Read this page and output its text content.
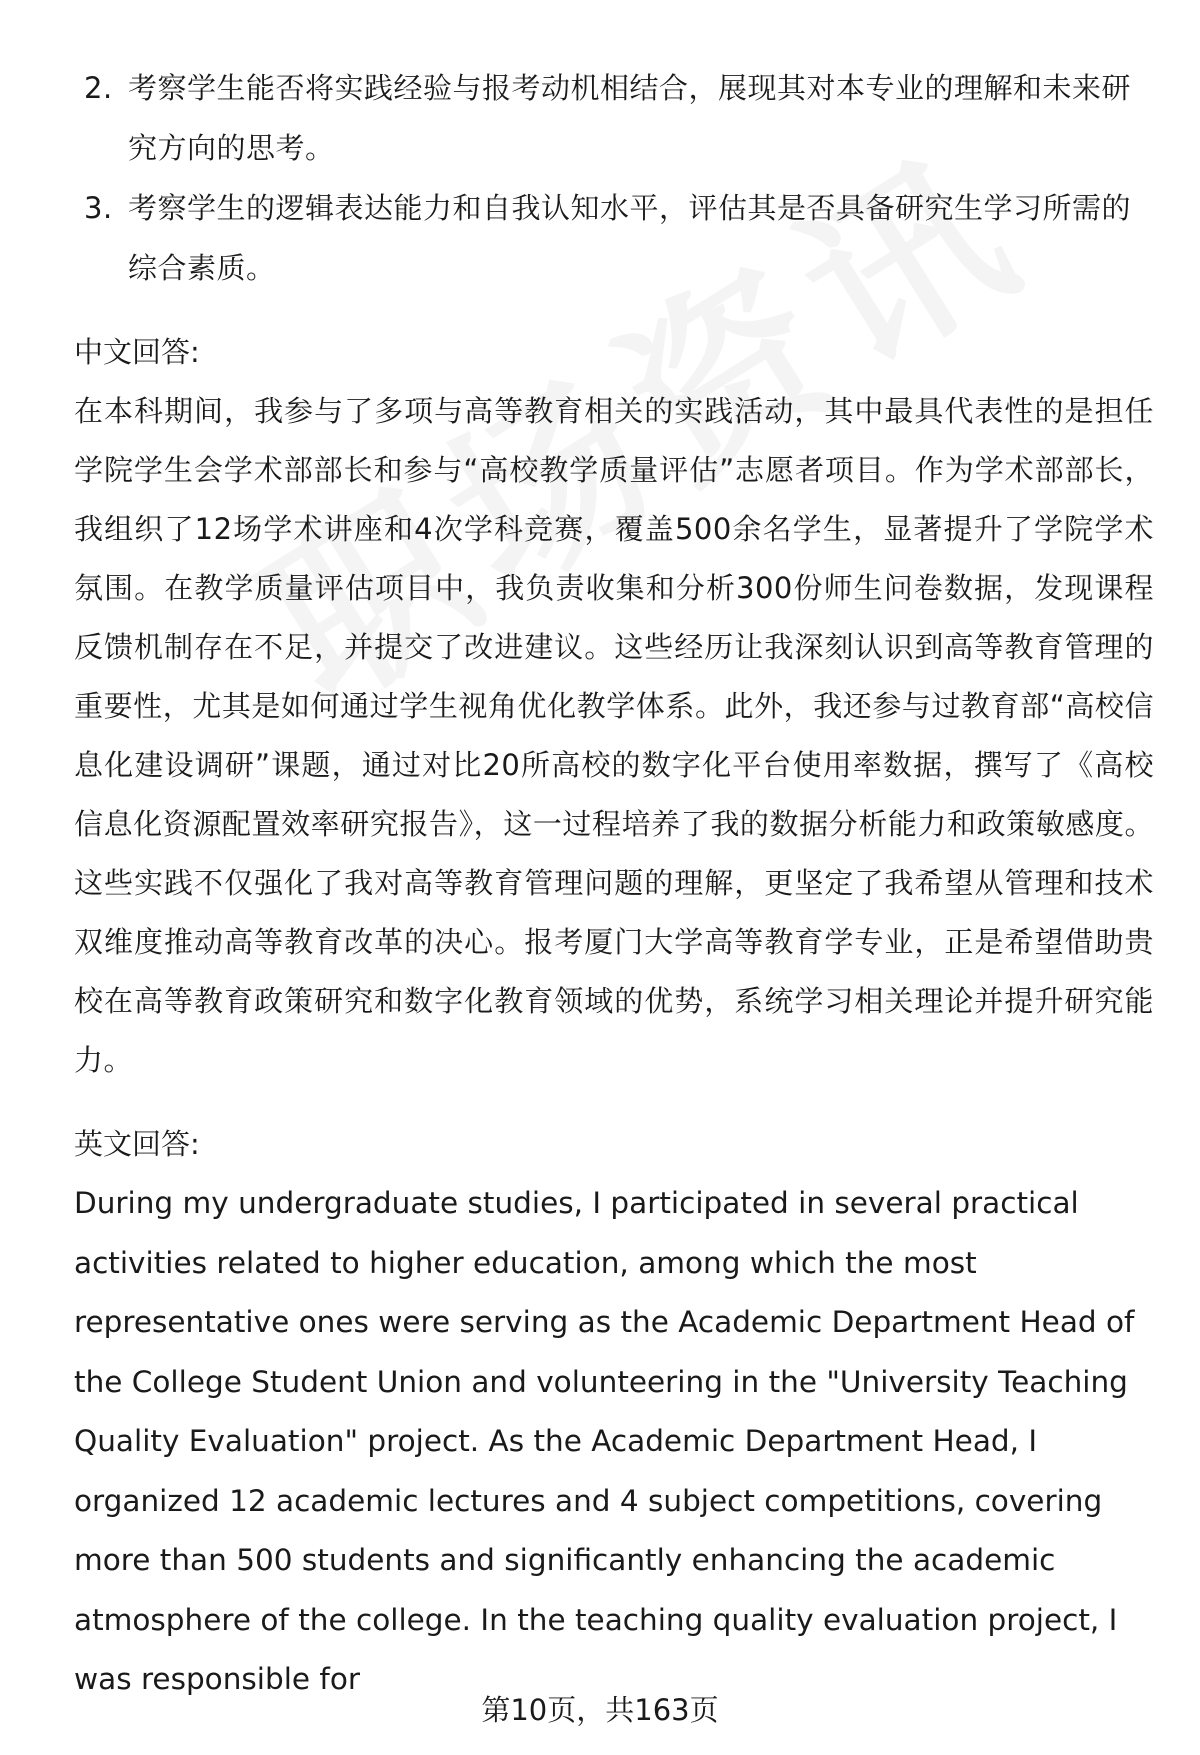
2. 考察学生能否将实践经验与报考动机相结合，展现其对本专业的理解和未来研究方向的思考。
3. 考察学生的逻辑表达能力和自我认知水平，评估其是否具备研究生学习所需的综合素质。
中文回答:
在本科期间，我参与了多项与高等教育相关的实践活动，其中最具代表性的是担任学院学生会学术部部长和参与“高校教学质量评估”志愿者项目。作为学术部部长，我组织了12场学术讲座和4次学科竞赛，覆盖500余名学生，显著提升了学院学术氛围。在教学质量评估项目中，我负责收集和分析300份师生问卷数据，发现课程反馈机制存在不足，并提交了改进建议。这些经历让我深刻认识到高等教育管理的重要性，尤其是如何通过学生视角优化教学体系。此外，我还参与过教育部“高校信息化建设调研”课题，通过对比20所高校的数字化平台使用率数据，撰写了《高校信息化资源配置效率研究报告》，这一过程培养了我的数据分析能力和政策敏感度。这些实践不仅强化了我对高等教育管理问题的理解，更坚定了我希望从管理和技术双维度推动高等教育改革的决心。报考厦门大学高等教育学专业，正是希望借助贵校在高等教育政策研究和数字化教育领域的优势，系统学习相关理论并提升研究能力。
英文回答:
During my undergraduate studies, I participated in several practical activities related to higher education, among which the most representative ones were serving as the Academic Department Head of the College Student Union and volunteering in the "University Teaching Quality Evaluation" project. As the Academic Department Head, I organized 12 academic lectures and 4 subject competitions, covering more than 500 students and significantly enhancing the academic atmosphere of the college. In the teaching quality evaluation project, I was responsible for
第10页，共163页
